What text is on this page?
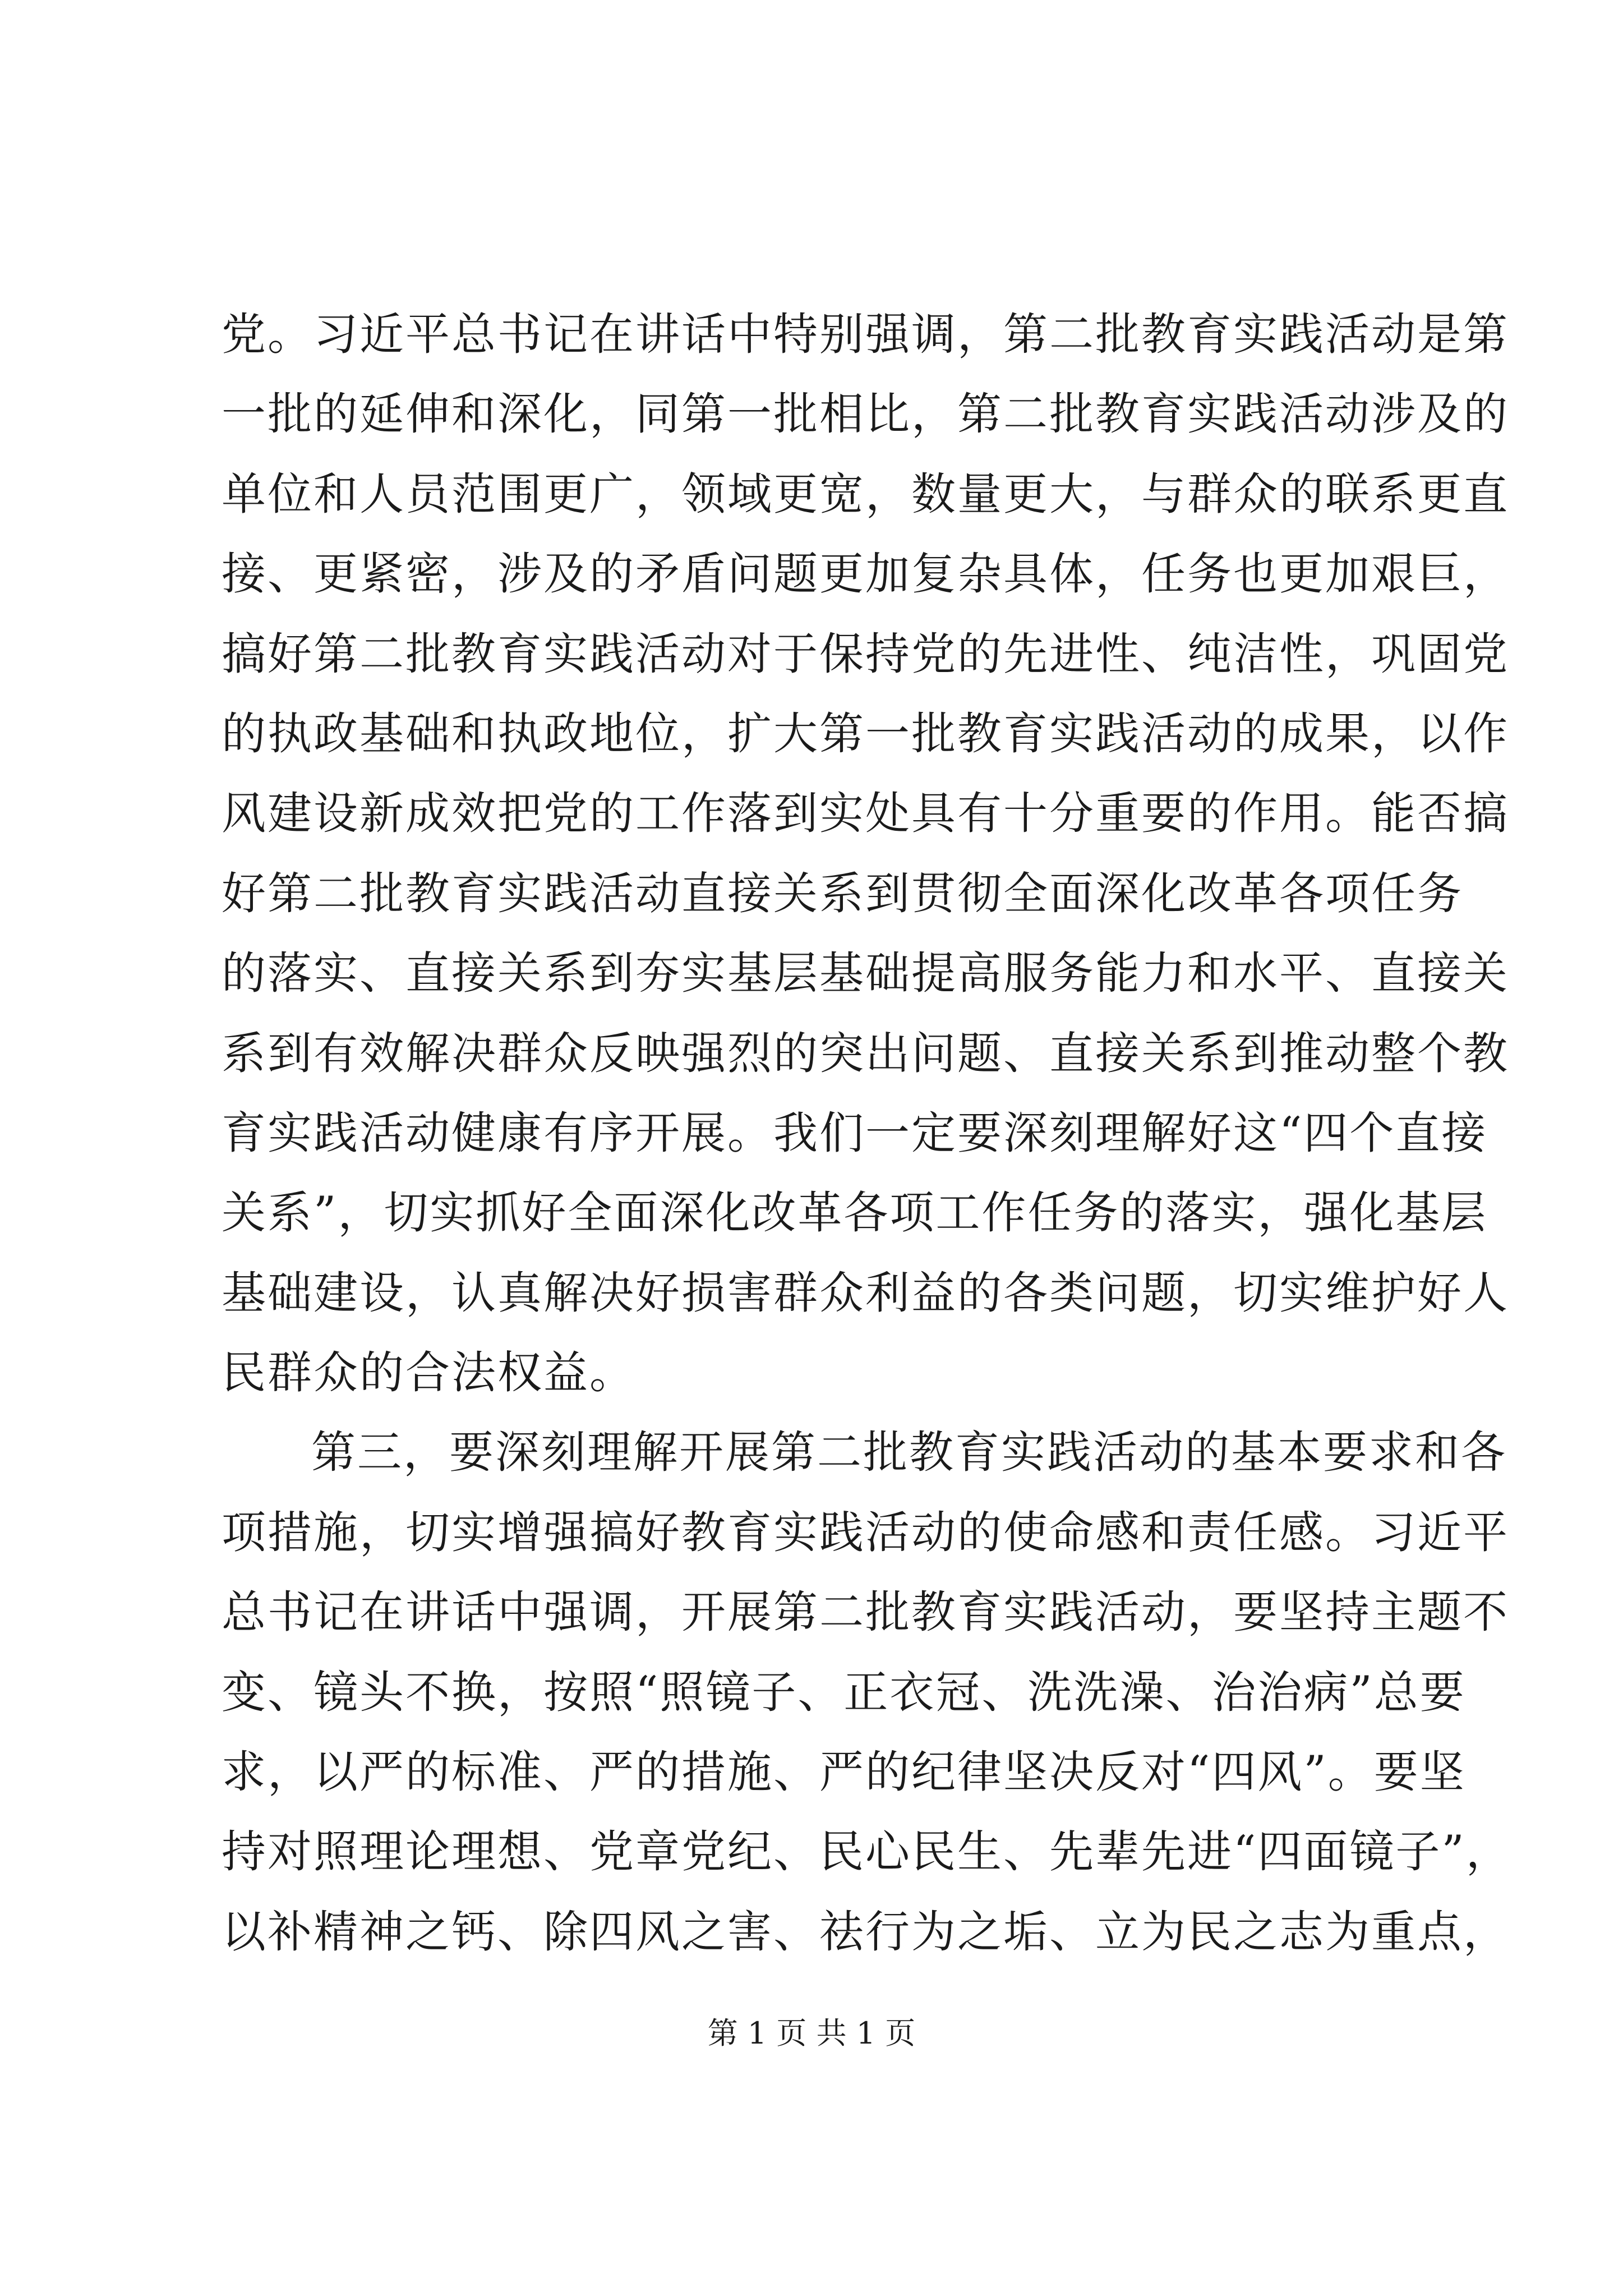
党。习近平总书记在讲话中特别强调，第二批教育实践活动是第
一批的延伸和深化，同第一批相比，第二批教育实践活动涉及的
单位和人员范围更广，领域更宽，数量更大，与群众的联系更直
接、更紧密，涉及的矛盾问题更加复杂具体，任务也更加艰巨，
搞好第二批教育实践活动对于保持党的先进性、纯洁性，巩固党
的执政基础和执政地位，扩大第一批教育实践活动的成果，以作
风建设新成效把党的工作落到实处具有十分重要的作用。能否搞
好第二批教育实践活动直接关系到贯彻全面深化改革各项任务
的落实、直接关系到夯实基层基础提高服务能力和水平、直接关
系到有效解决群众反映强烈的突出问题、直接关系到推动整个教
育实践活动健康有序开展。我们一定要深刻理解好这“四个直接
关系”，切实抓好全面深化改革各项工作任务的落实，强化基层
基础建设，认真解决好损害群众利益的各类问题，切实维护好人
民群众的合法权益。
第三，要深刻理解开展第二批教育实践活动的基本要求和各
项措施，切实增强搞好教育实践活动的使命感和责任感。习近平
总书记在讲话中强调，开展第二批教育实践活动，要坚持主题不
变、镜头不换，按照“照镜子、正衣冠、洗洗澡、治治病”总要
求，以严的标准、严的措施、严的纪律坚决反对“四风”。要坚
持对照理论理想、党章党纪、民心民生、先辈先进“四面镜子”，
以补精神之钙、除四风之害、祛行为之垢、立为民之志为重点，
第 1 页 共 1 页
